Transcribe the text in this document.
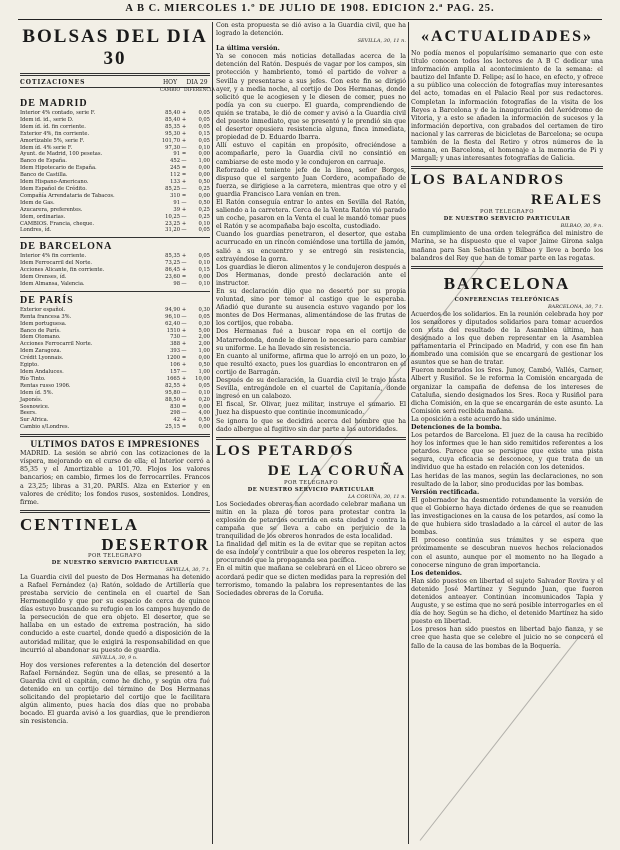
A B C. MIERCOLES 1.º DE JULIO DE 1908. EDICION 2.ª PAG. 25.
BOLSAS DEL DIA 30
COTIZACIONES	HOY	DIA 29
CAMBIO DIFERENCIA
DE MADRID
Interior 4% contado, serie F.	85,40	+	0,05
Idem id. id., serie D.	85,40	+	0,05
Idem íd. íd. fin corriente.	85,35	+	0,05
Exterior 4%, fin corriente.	95,30	+	0,15
Amortizable 5%, serie F.	101,70	+	0,05
Idem íd. 4% serie F.	97,30	—	0,10
Ayunt. de Madrid, 100 pesetas.	91	=	0,00
Banco de España.	452	—	1,00
Idem Hipotecario de España.	245	=	0,00
Banco de Castilla.	112	=	0,00
Idem Hispano-Americano.	133	+	0,50
Idem Español de Crédito.	85,25	—	0,25
Compañía Arrendataria de Tabacos.	310	=	0,00
Idem de Gas.	91	—	0,50
Azucarera, preferentes.	39	+	0,25
Idem, ordinarias.	10,25	—	0,25
CAMBIOS. Francia, cheque.	23,25	+	0,10
Londres, íd.	31,20	—	0,05
DE BARCELONA
Interior 4% fin corriente.	85,35	+	0,05
Idem Ferrocarril del Norte.	73,25	—	0,10
Acciones Alicante, fin corriente.	86,45	+	0,15
Idem Orenses, íd.	23,60	=	0,00
Idem Almansa, Valencia.	98	—	0,10
DE PARÍS
Exterior español.	94,90	+	0,30
Renta francesa 3%.	96,10	—	0,05
Idem portuguesa.	62,40	—	0,30
Banco de París.	1510	+	5,00
Idem Otomano.	730	—	2,00
Acciones Ferrocarril Norte.	388	+	2,00
Idem Zaragoza.	393	—	1,00
Crédit Lyonnais.	1200	=	0,00
Egipto.	106	+	0,50
Idem Andaluces.	157	—	1,00
Río Tinto.	1665	+	10,00
Rentas russo 1906.	82,55	+	0,05
Idem íd. 5%.	95,80	—	0,10
Japonés.	88,50	+	0,20
Sosnowice.	830	=	0,00
Beers.	298	—	4,00
Sur Africa.	42	+	0,50
Cambio s/Londres.	25,15	=	0,00
ULTIMOS DATOS E IMPRESIONES

MADRID. La sesión se abrió con las cotizaciones de la víspera, mejorando en el curso de ella; el Interior cerró a 85,35 y el Amortizable a 101,70. Flojos los valores bancarios; en cambio, firmes los de ferrocarriles. Francos a 23,25; libras a 31,20. PARÍS. Alza en Exterior y en valores de crédito; los fondos rusos, sostenidos. Londres, firme.

CENTINELA
DESERTOR
POR TELEGRAFO
DE NUESTRO SERVICIO PARTICULAR
SEVILLA, 30, 7 t.

La Guardia civil del puesto de Dos Hermanas ha detenido a Rafael Fernández (a) Ratón, soldado de Artillería que prestaba servicio de centinela en el cuartel de San Hermenegildo y que por su espacio de cerca de quince días estuvo buscando su refugio en los campos huyendo de la persecución de que era objeto. El desertor, que se hallaba en un estado de extrema postración, ha sido conducido a este cuartel, donde quedó a disposición de la autoridad militar, que le exigirá la responsabilidad en que incurrió al abandonar su puesto de guardia.

SEVILLA, 30, 9 n.

Hoy dos versiones referentes a la detención del desertor Rafael Fernández. Según una de ellas, se presentó a la Guardia civil el capitán, como he dicho, y según otra fué detenido en un cortijo del término de Dos Hermanas solicitando del propietario del cortijo que le facilitara algún alimento, pues hacía dos días que no probaba bocado. El guarda avisó a los guardias, que le prendieron sin resistencia.

Con esta propuesta se dió aviso a la Guardia civil, que ha logrado la detención.

SEVILLA, 30, 11 n.

La última versión.

Ya se conocen más noticias detalladas acerca de la detención del Ratón. Después de vagar por los campos, sin protección y hambriento, tomó el partido de volver a Sevilla y presentarse a sus jefes. Con este fin se dirigió ayer, y a media noche, al cortijo de Dos Hermanas, donde solicitó que le acogiesen y le diesen de comer, pues no podía ya con su cuerpo. El guarda, comprendiendo de quién se trataba, le dió de comer y avisó a la Guardia civil del puesto inmediato, que se presentó y le prendió sin que el desertor opusiera resistencia alguna, finca inmediata, propiedad de D. Eduardo Ibarra.

Allí estuvo el capitán en propósito, ofreciéndose a acompañarle, pero la Guardia civil no consintió en cambiarse de este modo y le condujeron en carruaje.

Reforzado el teniente jefe de la línea, señor Borges, dispuso que el sargento Juan Cordero, acompañado de fuerza, se dirigiese a la carretera, mientras que otro y el guardia Francisco Lara venían en tren.

El Ratón conseguía entrar lo antes en Sevilla del Ratón, saliendo a la carretera. Cerca de la Venta Ratón vió parado un coche, pasaron en la Venta el cual le mandó tomar pues el Ratón y se acompañaba bajo escolta, custodiado.

Cuando los guardias penetraron, el desertor, que estaba acurrucado en un rincón comiéndose una tortilla de jamón, salió a su encuentro y se entregó sin resistencia, extrayéndose la gorra.

Los guardias le dieron alimentos y le condujeron después a Dos Hermanas, donde prestó declaración ante el instructor.

En su declaración dijo que no desertó por su propia voluntad, sino por temor al castigo que le esperaba. Añadió que durante su ausencia estuvo vagando por los montes de Dos Hermanas, alimentándose de las frutas de los cortijos, que robaba.

Dos Hermanas fué a buscar ropa en el cortijo de Matarredonda, donde le dieron lo necesario para cambiar su uniforme. Le ha llevado sin resistencia.

En cuanto al uniforme, afirma que lo arrojó en un pozo, lo que resultó exacto, pues los guardias lo encontraron en el cortijo de Barragán.

Después de su declaración, la Guardia civil le trajo hasta Sevilla, entregándole en el cuartel de Capitanía, donde ingresó en un calabozo.

El fiscal, Sr. Olivar, juez militar, instruye el sumario. El Juez ha dispuesto que continúe incomunicado.

Se ignora lo que se decidirá acerca del hombre que ha dado albergue al fugitivo sin dar parte a las autoridades.

LOS PETARDOS
DE LA CORUÑA
POR TELEGRAFO
DE NUESTRO SERVICIO PARTICULAR
LA CORUÑA, 30, 11 n.

Los Sociedades obreras han acordado celebrar mañana un mitin en la plaza de toros para protestar contra la explosión de petardos ocurrida en esta ciudad y contra la campaña que se lleva a cabo en perjuicio de la tranquilidad de los obreros honrados de esta localidad.

La finalidad del mitin es la de evitar que se repitan actos de esa índole y contribuir a que los obreros respeten la ley, procurando que la propaganda sea pacífica.

En el mitin que mañana se celebrará en el Liceo obrero se acordará pedir que se dicten medidas para la represión del terrorismo, tomando la palabra los representantes de las Sociedades obreras de la Coruña.

«ACTUALIDADES»

No podía menos el popularísimo semanario que con este título conocen todos los lectores de A B C dedicar una información amplia al acontecimiento de la semana: el bautizo del Infante D. Felipe; así lo hace, en efecto, y ofrece a su público una colección de fotografías muy interesantes del acto, tomadas en el Palacio Real por sus redactores. Completan la información fotografías de la visita de los Reyes a Barcelona y de la inauguración del Aeródromo de Vitoria, y a esto se añaden la información de sucesos y la información deportiva, con grabados del certamen de tiro nacional y las carreras de bicicletas de Barcelona; se ocupa también de la fiesta del Retiro y otros números de la semana, en Barcelona, el homenaje a la memoria de Pi y Margall; y unas interesantes fotografías de Galicia.

LOS BALANDROS
REALES
POR TELEGRAFO
DE NUESTRO SERVICIO PARTICULAR
BILBAO, 30, 9 n.

En cumplimiento de una orden telegráfica del ministro de Marina, se ha dispuesto que el vapor Jaime Girona salga mañana para San Sebastián y Bilbao y lleve a bordo los balandros del Rey que han de tomar parte en las regatas.

BARCELONA
CONFERENCIAS TELEFÓNICAS
BARCELONA, 30, 7 t.

Acuerdos de los solidarios. En la reunión celebrada hoy por los senadores y diputados solidarios para tomar acuerdos con vista del resultado de la Asamblea última, han designado a los que deben representar en la Asamblea parlamentaria el Principado en Madrid, y con ese fin han nombrado una comisión que se encargará de gestionar los asuntos que se han de tratar.

Fueron nombrados los Sres. Junoy, Cambó, Vallés, Carner, Albert y Rusiñol. Se le reforma la Comisión encargada de organizar la campaña de defensa de los intereses de Cataluña, siendo designados los Sres. Roca y Rusiñol para dicha Comisión, en la que se encargarán de este asunto. La Comisión será recibida mañana.

La oposición a este acuerdo ha sido unánime.

Detenciones de la bomba.

Los petardos de Barcelona. El juez de la causa ha recibido hoy los informes que le han sido remitidos referentes a los petardos. Parece que se persigue que existe una pista segura, cuya eficacia se desconoce, y que trata de un individuo que ha estado en relación con los detenidos.

Las heridas de las manos, según las declaraciones, no son resultado de la labor, sino producidas por las bombas.

Versión rectificada.

El gobernador ha desmentido rotundamente la versión de que el Gobierno haya dictado órdenes de que se reanuden las investigaciones en la causa de los petardos, así como la de que hubiera sido trasladado a la cárcel el autor de las bombas.

El proceso continúa sus trámites y se espera que próximamente se descubran nuevos hechos relacionados con el asunto, aunque por el momento no ha llegado a conocerse ninguno de gran importancia.

Los detenidos.

Han sido puestos en libertad el sujeto Salvador Rovira y el detenido José Martínez y Segundo Juan, que fueron detenidos anteayer. Continúan incomunicados Tapia y Auguste, y se estima que no será posible interrogarles en el día de hoy. Según se ha dicho, el detenido Martínez ha sido puesto en libertad.

Los presos han sido puestos en libertad bajo fianza, y se cree que hasta que se celebre el juicio no se conocerá el fallo de la causa de las bombas de la Boquería.
